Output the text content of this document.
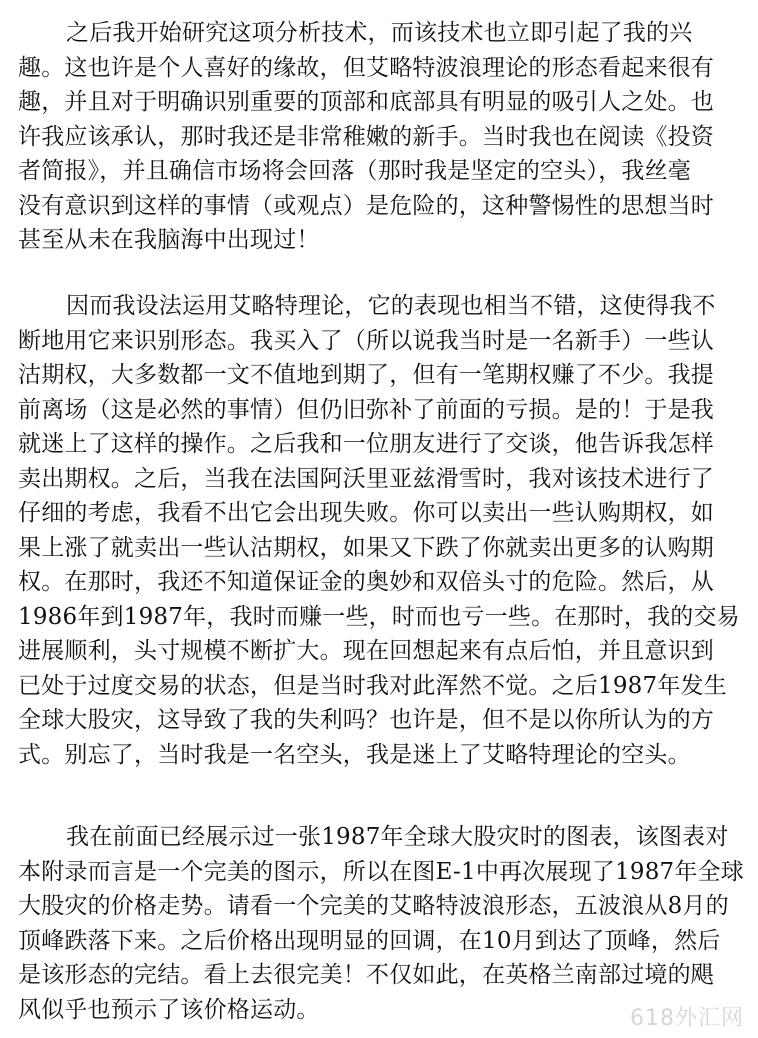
之后我开始研究这项分析技术，而该技术也立即引起了我的兴
趣。这也许是个人喜好的缘故，但艾略特波浪理论的形态看起来很有
趣，并且对于明确识别重要的顶部和底部具有明显的吸引人之处。也
许我应该承认，那时我还是非常稚嫩的新手。当时我也在阅读《投资
者简报》，并且确信市场将会回落（那时我是坚定的空头），我丝毫
没有意识到这样的事情（或观点）是危险的，这种警惕性的思想当时
甚至从未在我脑海中出现过！
因而我设法运用艾略特理论，它的表现也相当不错，这使得我不
断地用它来识别形态。我买入了（所以说我当时是一名新手）一些认
沽期权，大多数都一文不值地到期了，但有一笔期权赚了不少。我提
前离场（这是必然的事情）但仍旧弥补了前面的亏损。是的！于是我
就迷上了这样的操作。之后我和一位朋友进行了交谈，他告诉我怎样
卖出期权。之后，当我在法国阿沃里亚兹滑雪时，我对该技术进行了
仔细的考虑，我看不出它会出现失败。你可以卖出一些认购期权，如
果上涨了就卖出一些认沽期权，如果又下跌了你就卖出更多的认购期
权。在那时，我还不知道保证金的奥妙和双倍头寸的危险。然后，从
1986年到1987年，我时而赚一些，时而也亏一些。在那时，我的交易
进展顺利，头寸规模不断扩大。现在回想起来有点后怕，并且意识到
已处于过度交易的状态，但是当时我对此浑然不觉。之后1987年发生
全球大股灾，这导致了我的失利吗？也许是，但不是以你所认为的方
式。别忘了，当时我是一名空头，我是迷上了艾略特理论的空头。
我在前面已经展示过一张1987年全球大股灾时的图表，该图表对
本附录而言是一个完美的图示，所以在图E-1中再次展现了1987年全球
大股灾的价格走势。请看一个完美的艾略特波浪形态，五波浪从8月的
顶峰跌落下来。之后价格出现明显的回调，在10月到达了顶峰，然后
是该形态的完结。看上去很完美！不仅如此，在英格兰南部过境的飓
风似乎也预示了该价格运动。	618外汇网
